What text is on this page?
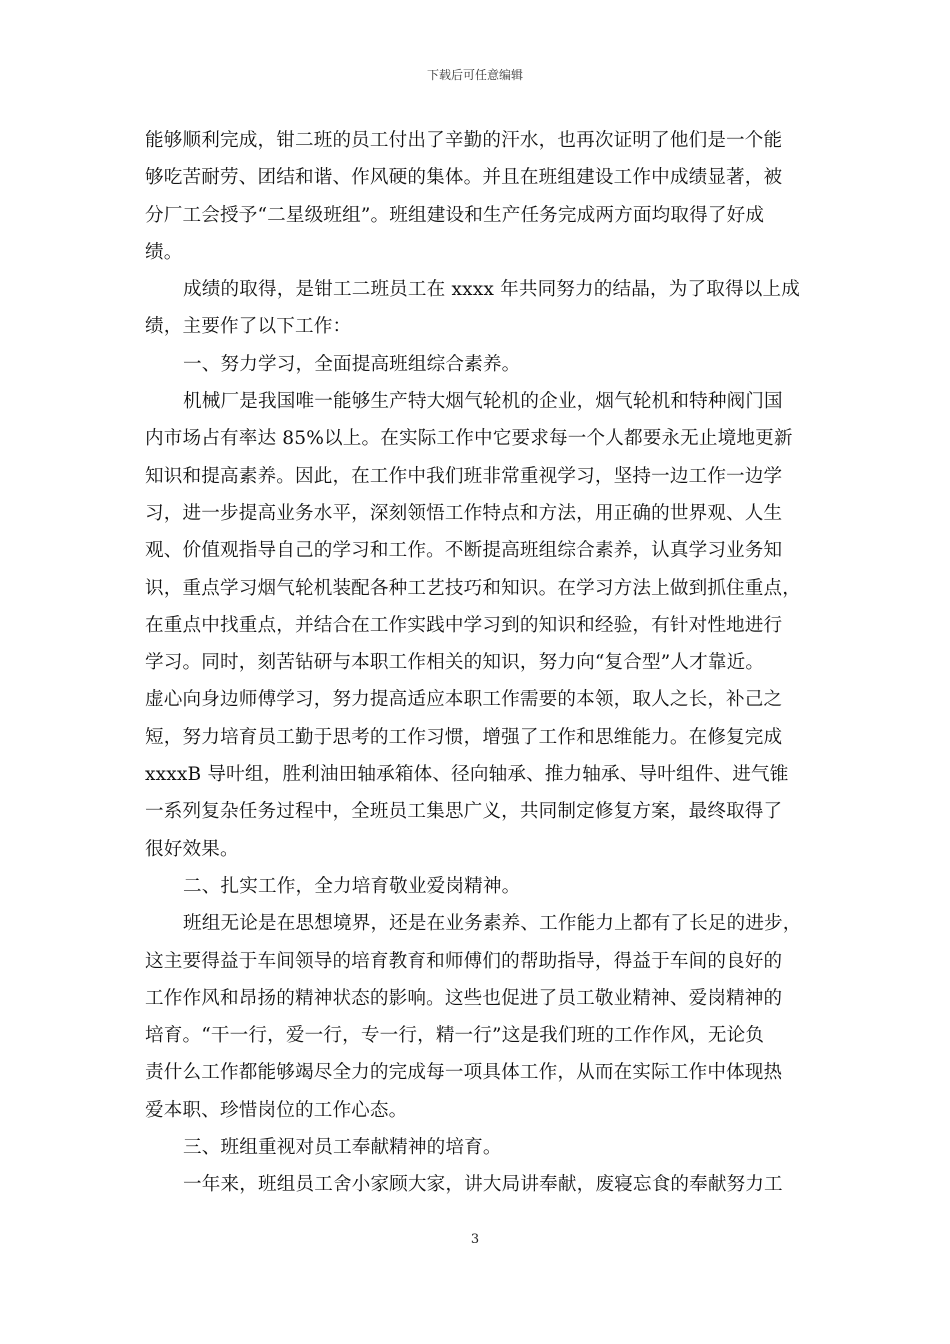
下载后可任意编辑
能够顺利完成，钳二班的员工付出了辛勤的汗水，也再次证明了他们是一个能
够吃苦耐劳、团结和谐、作风硬的集体。并且在班组建设工作中成绩显著，被
分厂工会授予“二星级班组”。班组建设和生产任务完成两方面均取得了好成
绩。
成绩的取得，是钳工二班员工在 xxxx 年共同努力的结晶，为了取得以上成
绩，主要作了以下工作：
一、努力学习，全面提高班组综合素养。
机械厂是我国唯一能够生产特大烟气轮机的企业，烟气轮机和特种阀门国
内市场占有率达 85%以上。在实际工作中它要求每一个人都要永无止境地更新
知识和提高素养。因此，在工作中我们班非常重视学习，坚持一边工作一边学
习，进一步提高业务水平，深刻领悟工作特点和方法，用正确的世界观、人生
观、价值观指导自己的学习和工作。不断提高班组综合素养，认真学习业务知
识，重点学习烟气轮机装配各种工艺技巧和知识。在学习方法上做到抓住重点，
在重点中找重点，并结合在工作实践中学习到的知识和经验，有针对性地进行
学习。同时，刻苦钻研与本职工作相关的知识，努力向“复合型”人才靠近。
虚心向身边师傅学习，努力提高适应本职工作需要的本领，取人之长，补己之
短，努力培育员工勤于思考的工作习惯，增强了工作和思维能力。在修复完成
xxxxB 导叶组，胜利油田轴承箱体、径向轴承、推力轴承、导叶组件、进气锥
一系列复杂任务过程中，全班员工集思广义，共同制定修复方案，最终取得了
很好效果。
二、扎实工作，全力培育敬业爱岗精神。
班组无论是在思想境界，还是在业务素养、工作能力上都有了长足的进步，
这主要得益于车间领导的培育教育和师傅们的帮助指导，得益于车间的良好的
工作作风和昂扬的精神状态的影响。这些也促进了员工敬业精神、爱岗精神的
培育。“干一行，爱一行，专一行，精一行”这是我们班的工作作风，无论负
责什么工作都能够竭尽全力的完成每一项具体工作，从而在实际工作中体现热
爱本职、珍惜岗位的工作心态。
三、班组重视对员工奉献精神的培育。
一年来，班组员工舍小家顾大家，讲大局讲奉献，废寝忘食的奉献努力工
3
